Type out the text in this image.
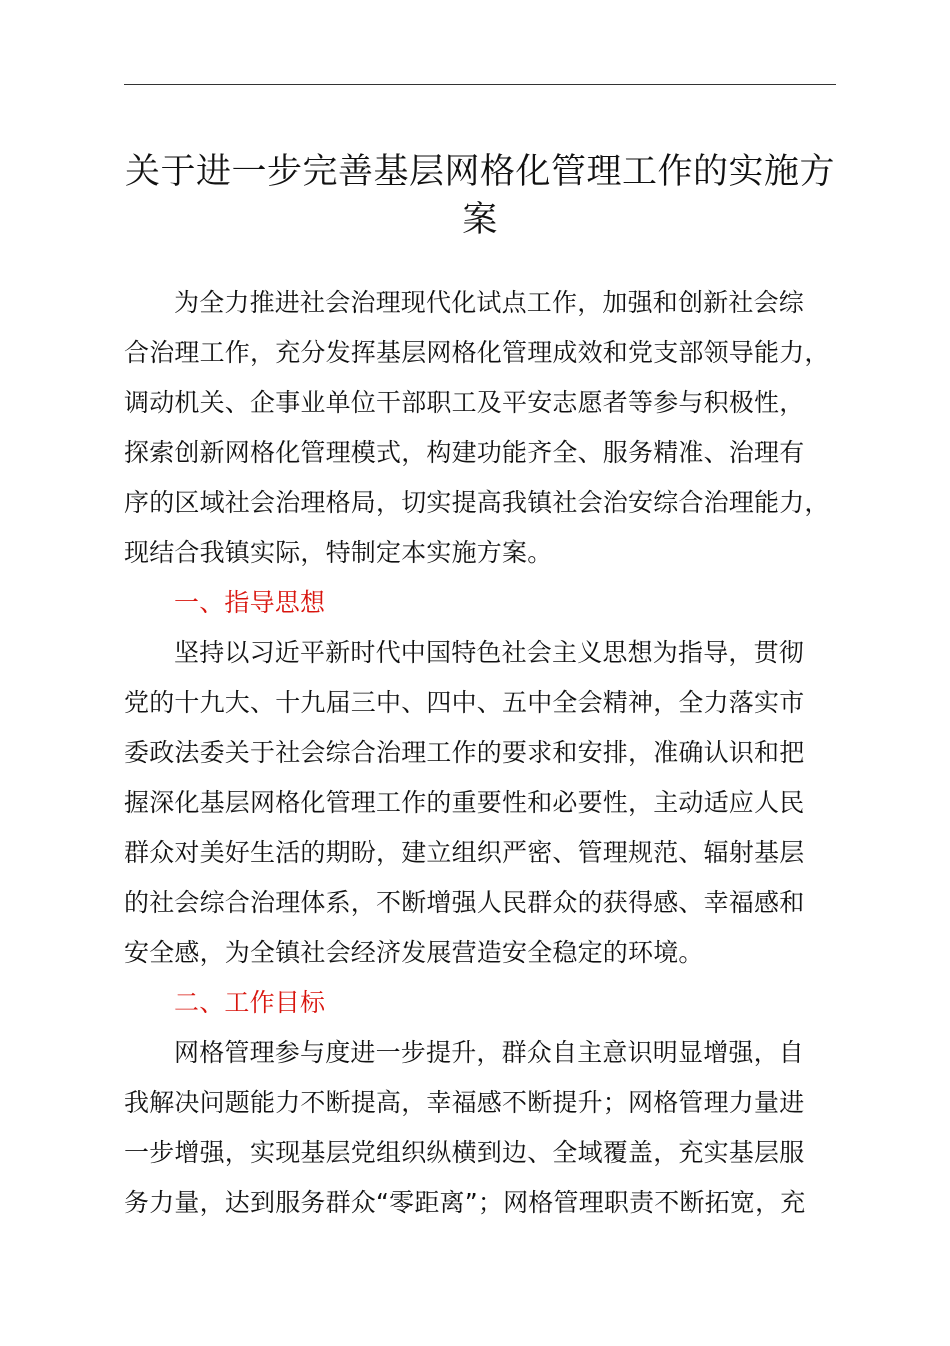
关于进一步完善基层网格化管理工作的实施方
案
为全力推进社会治理现代化试点工作，加强和创新社会综
合治理工作，充分发挥基层网格化管理成效和党支部领导能力，
调动机关、企事业单位干部职工及平安志愿者等参与积极性，
探索创新网格化管理模式，构建功能齐全、服务精准、治理有
序的区域社会治理格局，切实提高我镇社会治安综合治理能力，
现结合我镇实际，特制定本实施方案。
一、指导思想
坚持以习近平新时代中国特色社会主义思想为指导，贯彻
党的十九大、十九届三中、四中、五中全会精神，全力落实市
委政法委关于社会综合治理工作的要求和安排，准确认识和把
握深化基层网格化管理工作的重要性和必要性，主动适应人民
群众对美好生活的期盼，建立组织严密、管理规范、辐射基层
的社会综合治理体系，不断增强人民群众的获得感、幸福感和
安全感，为全镇社会经济发展营造安全稳定的环境。
二、工作目标
网格管理参与度进一步提升，群众自主意识明显增强，自
我解决问题能力不断提高，幸福感不断提升；网格管理力量进
一步增强，实现基层党组织纵横到边、全域覆盖，充实基层服
务力量，达到服务群众“零距离”；网格管理职责不断拓宽，充
